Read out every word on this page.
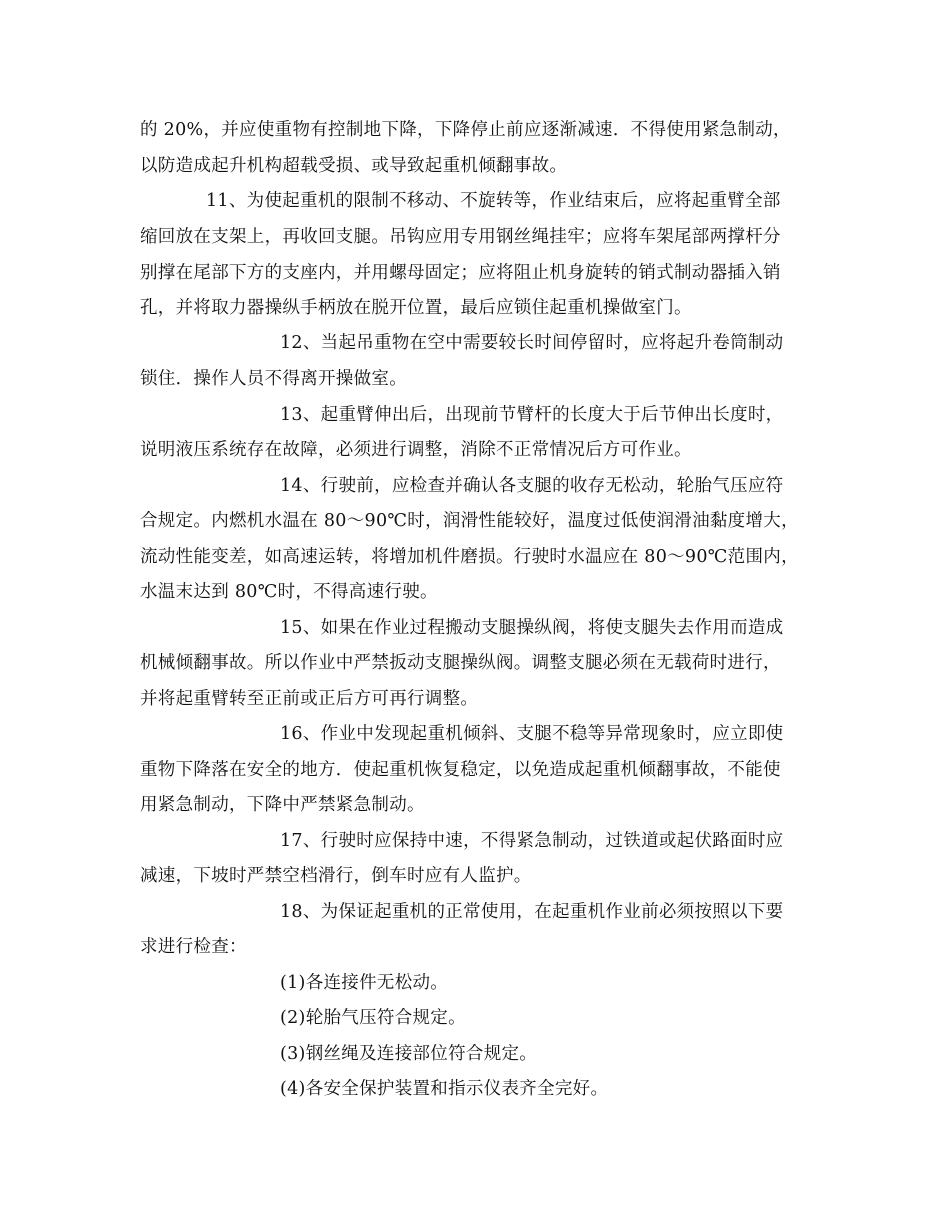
的 20%，并应使重物有控制地下降，下降停止前应逐渐减速．不得使用紧急制动，
以防造成起升机构超载受损、或导致起重机倾翻事故。
11、为使起重机的限制不移动、不旋转等，作业结束后，应将起重臂全部
缩回放在支架上，再收回支腿。吊钩应用专用钢丝绳挂牢；应将车架尾部两撑杆分
别撑在尾部下方的支座内，并用螺母固定；应将阻止机身旋转的销式制动器插入销
孔，并将取力器操纵手柄放在脱开位置，最后应锁住起重机操做室门。
12、当起吊重物在空中需要较长时间停留时，应将起升卷筒制动
锁住．操作人员不得离开操做室。
13、起重臂伸出后，出现前节臂杆的长度大于后节伸出长度时，
说明液压系统存在故障，必须进行调整，消除不正常情况后方可作业。
14、行驶前，应检查并确认各支腿的收存无松动，轮胎气压应符
合规定。内燃机水温在 80～90℃时，润滑性能较好，温度过低使润滑油黏度增大，
流动性能变差，如高速运转，将增加机件磨损。行驶时水温应在 80～90℃范围内，
水温末达到 80℃时，不得高速行驶。
15、如果在作业过程搬动支腿操纵阀，将使支腿失去作用而造成
机械倾翻事故。所以作业中严禁扳动支腿操纵阀。调整支腿必须在无载荷时进行，
并将起重臂转至正前或正后方可再行调整。
16、作业中发现起重机倾斜、支腿不稳等异常现象时，应立即使
重物下降落在安全的地方．使起重机恢复稳定，以免造成起重机倾翻事故，不能使
用紧急制动，下降中严禁紧急制动。
17、行驶时应保持中速，不得紧急制动，过铁道或起伏路面时应
减速，下坡时严禁空档滑行，倒车时应有人监护。
18、为保证起重机的正常使用，在起重机作业前必须按照以下要
求进行检查：
(1)各连接件无松动。
(2)轮胎气压符合规定。
(3)钢丝绳及连接部位符合规定。
(4)各安全保护装置和指示仪表齐全完好。
